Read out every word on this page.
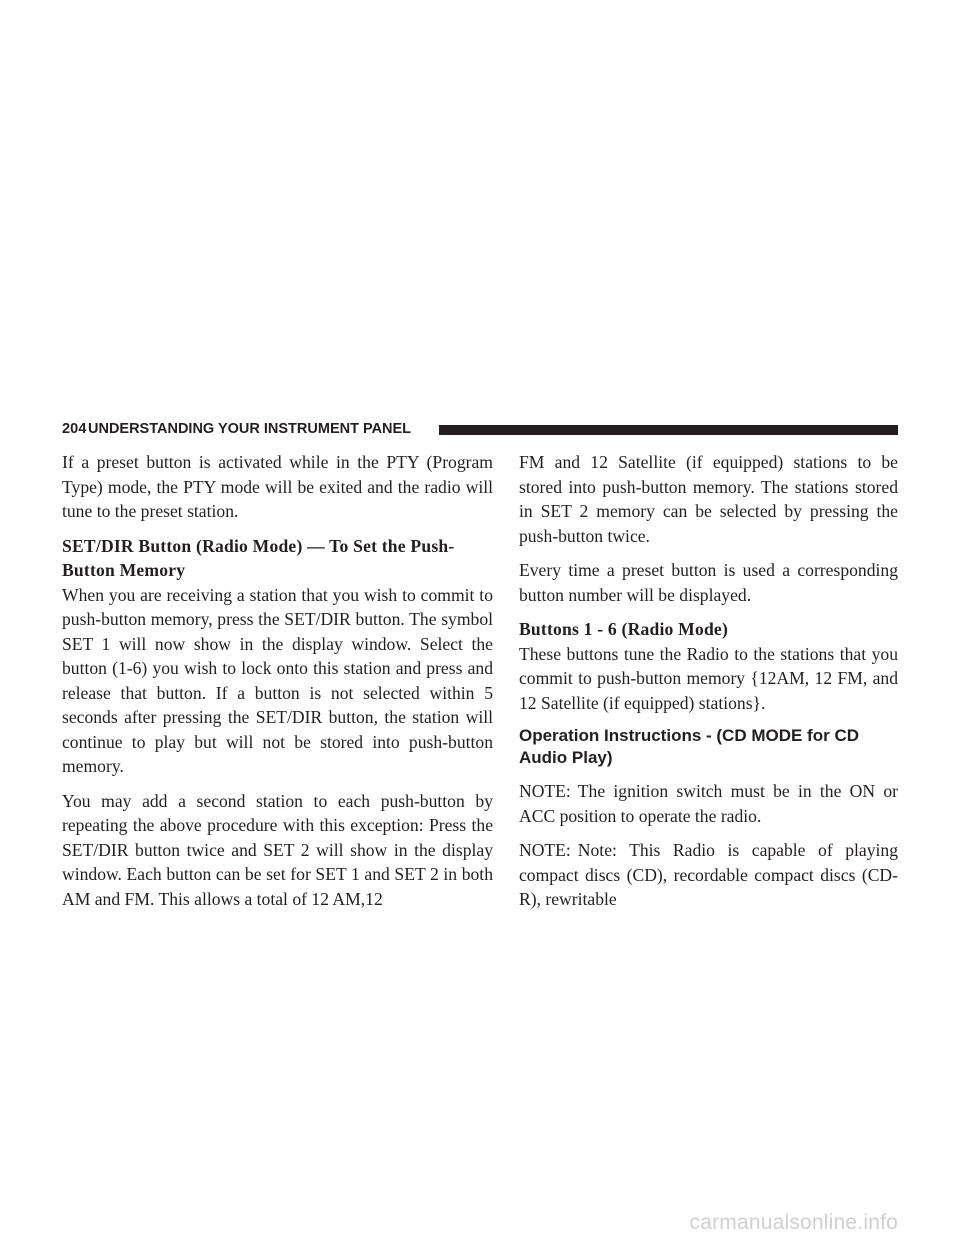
204 UNDERSTANDING YOUR INSTRUMENT PANEL

If a preset button is activated while in the PTY (Program Type) mode, the PTY mode will be exited and the radio will tune to the preset station.

SET/DIR Button (Radio Mode) — To Set the Push-Button Memory

When you are receiving a station that you wish to commit to push-button memory, press the SET/DIR button. The symbol SET 1 will now show in the display window. Select the button (1-6) you wish to lock onto this station and press and release that button. If a button is not selected within 5 seconds after pressing the SET/DIR button, the station will continue to play but will not be stored into push-button memory.

You may add a second station to each push-button by repeating the above procedure with this exception: Press the SET/DIR button twice and SET 2 will show in the display window. Each button can be set for SET 1 and SET 2 in both AM and FM. This allows a total of 12 AM,12

FM and 12 Satellite (if equipped) stations to be stored into push-button memory. The stations stored in SET 2 memory can be selected by pressing the push-button twice.

Every time a preset button is used a corresponding button number will be displayed.

Buttons 1 - 6 (Radio Mode)

These buttons tune the Radio to the stations that you commit to push-button memory {12AM, 12 FM, and 12 Satellite (if equipped) stations}.

Operation Instructions - (CD MODE for CD Audio Play)

NOTE: The ignition switch must be in the ON or ACC position to operate the radio.

NOTE: Note: This Radio is capable of playing compact discs (CD), recordable compact discs (CD-R), rewritable

carmanualsonline.info
